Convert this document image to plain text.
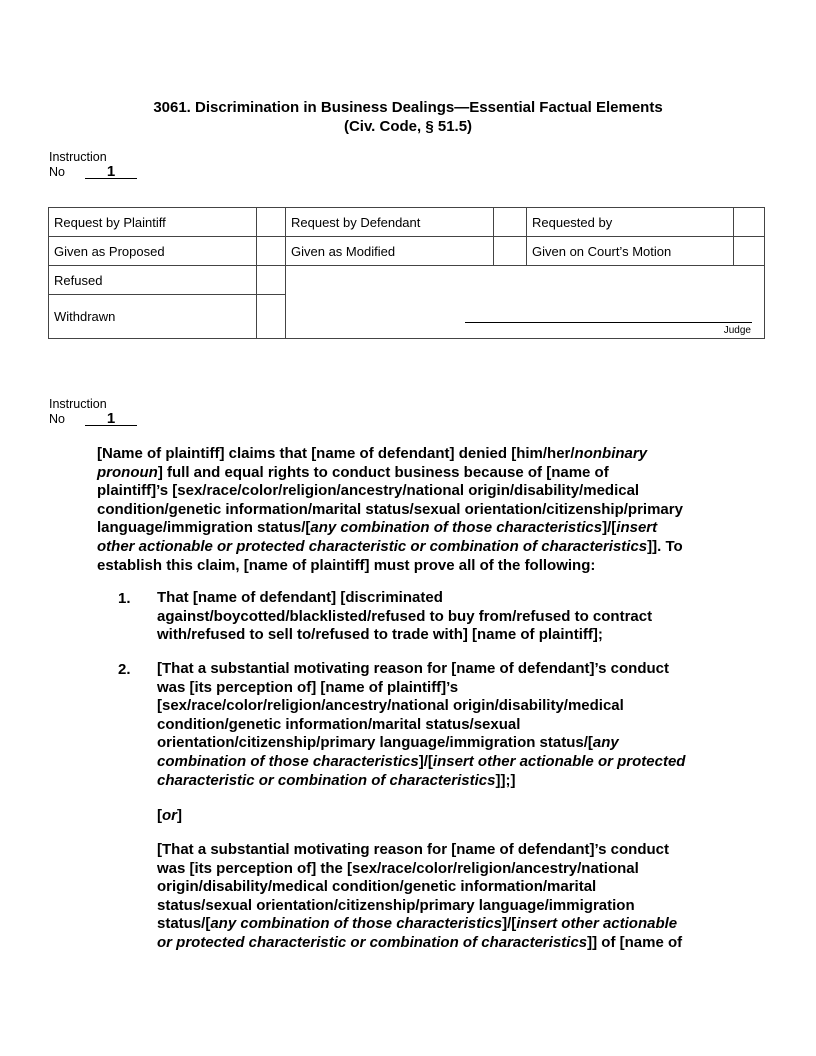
3061. Discrimination in Business Dealings—Essential Factual Elements
(Civ. Code, § 51.5)
Instruction
No	1
Request by Plaintiff		Request by Defendant		Requested by	
Given as Proposed		Given as Modified		Given on Court’s Motion	
Refused		Judge			

Withdrawn					
Instruction
No	1
[Name of plaintiff] claims that [name of defendant] denied [him/her/nonbinary
pronoun] full and equal rights to conduct business because of [name of
plaintiff]’s [sex/race/color/religion/ancestry/national origin/disability/medical
condition/genetic information/marital status/sexual orientation/citizenship/primary
language/immigration status/[any combination of those characteristics]/[insert
other actionable or protected characteristic or combination of characteristics]]. To
establish this claim, [name of plaintiff] must prove all of the following:
1. That [name of defendant] [discriminated
against/boycotted/blacklisted/refused to buy from/refused to contract
with/refused to sell to/refused to trade with] [name of plaintiff];
2. [That a substantial motivating reason for [name of defendant]’s conduct
was [its perception of] [name of plaintiff]’s
[sex/race/color/religion/ancestry/national origin/disability/medical
condition/genetic information/marital status/sexual
orientation/citizenship/primary language/immigration status/[any
combination of those characteristics]/[insert other actionable or protected
characteristic or combination of characteristics]];]
[or]
[That a substantial motivating reason for [name of defendant]’s conduct
was [its perception of] the [sex/race/color/religion/ancestry/national
origin/disability/medical condition/genetic information/marital
status/sexual orientation/citizenship/primary language/immigration
status/[any combination of those characteristics]/[insert other actionable
or protected characteristic or combination of characteristics]] of [name of
